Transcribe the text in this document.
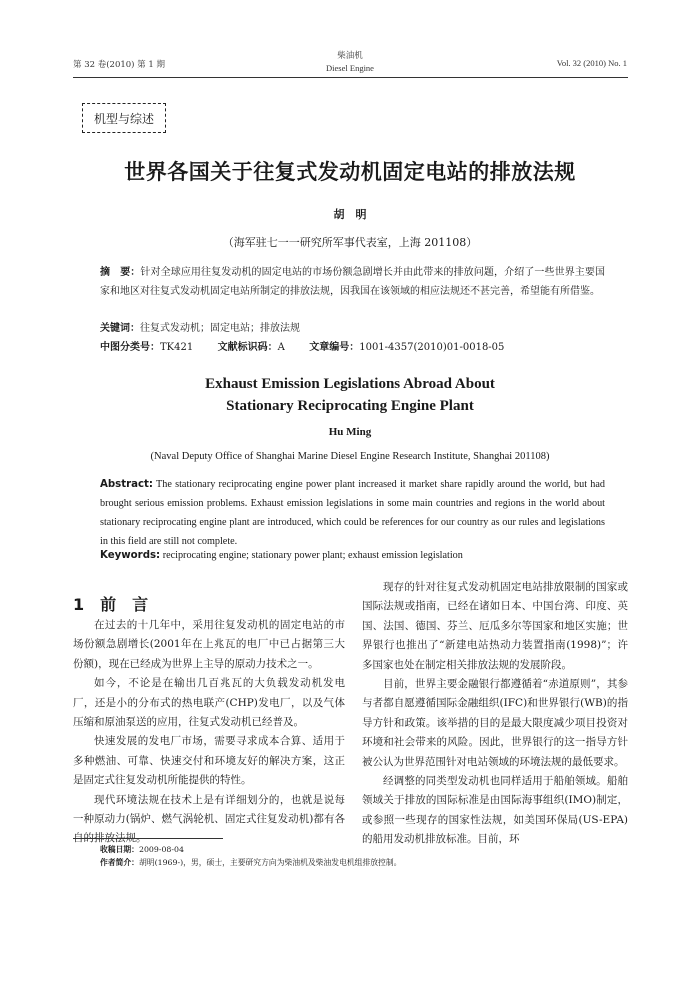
第 32 卷(2010) 第 1 期
柴油机
Diesel Engine	Vol. 32 (2010) No. 1
机型与综述
世界各国关于往复式发动机固定电站的排放法规
胡　明
（海军驻七一一研究所军事代表室，上海 201108）
摘　要：针对全球应用往复发动机的固定电站的市场份额急剧增长并由此带来的排放问题，介绍了一些世界主要国家和地区对往复式发动机固定电站所制定的排放法规，因我国在该领域的相应法规还不甚完善，希望能有所借鉴。
关键词：往复式发动机；固定电站；排放法规
中图分类号：TK421 文献标识码：A 文章编号：1001-4357(2010)01-0018-05
Exhaust Emission Legislations Abroad About
Stationary Reciprocating Engine Plant
Hu Ming
(Naval Deputy Office of Shanghai Marine Diesel Engine Research Institute, Shanghai 201108)
Abstract: The stationary reciprocating engine power plant increased it market share rapidly around the world, but had brought serious emission problems. Exhaust emission legislations in some main countries and regions in the world about stationary reciprocating engine plant are introduced, which could be references for our country as our rules and legislations in this field are still not complete.
Keywords: reciprocating engine; stationary power plant; exhaust emission legislation
1　前　言

在过去的十几年中，采用往复发动机的固定电站的市场份额急剧增长(2001年在上兆瓦的电厂中已占据第三大份额)，现在已经成为世界上主导的原动力技术之一。

如今，不论是在输出几百兆瓦的大负载发动机发电厂，还是小的分布式的热电联产(CHP)发电厂，以及气体压缩和原油泵送的应用，往复式发动机已经普及。

快速发展的发电厂市场，需要寻求成本合算、适用于多种燃油、可靠、快速交付和环境友好的解决方案，这正是固定式往复发动机所能提供的特性。

现代环境法规在技术上是有详细划分的，也就是说每一种原动力(锅炉、燃气涡轮机、固定式往复发动机)都有各自的排放法规。

现存的针对往复式发动机固定电站排放限制的国家或国际法规或指南，已经在诸如日本、中国台湾、印度、英国、法国、德国、芬兰、厄瓜多尔等国家和地区实施；世界银行也推出了“新建电站热动力装置指南(1998)”；许多国家也处在制定相关排放法规的发展阶段。

目前，世界主要金融银行都遵循着“赤道原则”，其参与者都自愿遵循国际金融组织(IFC)和世界银行(WB)的指导方针和政策。该举措的目的是最大限度减少项目投资对环境和社会带来的风险。因此，世界银行的这一指导方针被公认为世界范围针对电站领域的环境法规的最低要求。

经调整的同类型发动机也同样适用于船舶领域。船舶领域关于排放的国际标准是由国际海事组织(IMO)制定，或参照一些现存的国家性法规，如美国环保局(US-EPA)的船用发动机排放标准。目前，环

收稿日期：2009-08-04
作者简介：胡明(1969-)，男，硕士，主要研究方向为柴油机及柴油发电机组排放控制。
